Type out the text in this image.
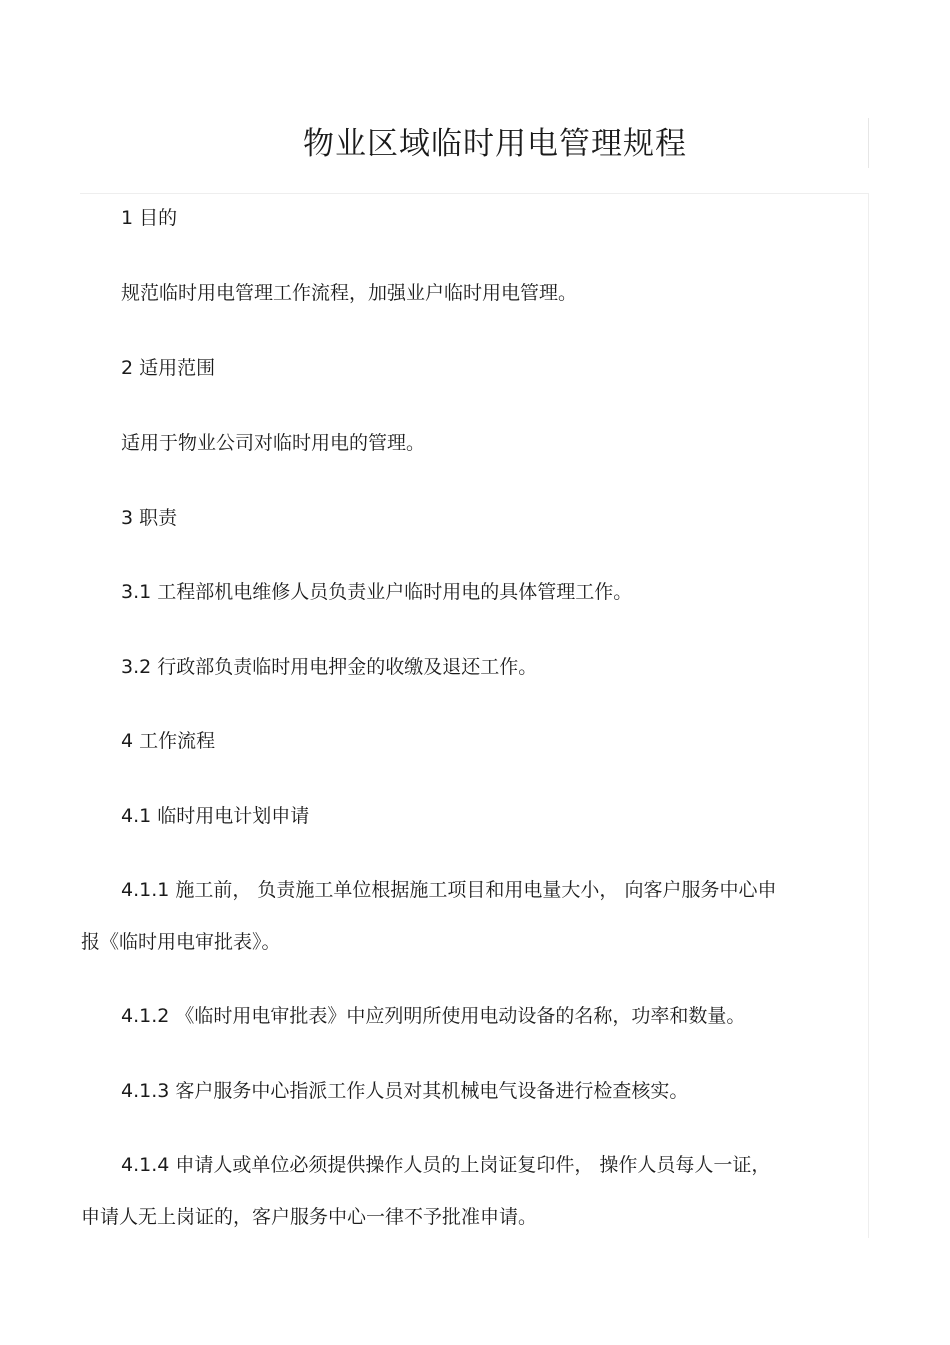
物业区域临时用电管理规程
1 目的
规范临时用电管理工作流程，加强业户临时用电管理。
2 适用范围
适用于物业公司对临时用电的管理。
3 职责
3.1 工程部机电维修人员负责业户临时用电的具体管理工作。
3.2 行政部负责临时用电押金的收缴及退还工作。
4 工作流程
4.1 临时用电计划申请
4.1.1 施工前， 负责施工单位根据施工项目和用电量大小， 向客户服务中心申
报《临时用电审批表》。
4.1.2 《临时用电审批表》中应列明所使用电动设备的名称，功率和数量。
4.1.3 客户服务中心指派工作人员对其机械电气设备进行检查核实。
4.1.4 申请人或单位必须提供操作人员的上岗证复印件， 操作人员每人一证，
申请人无上岗证的，客户服务中心一律不予批准申请。
